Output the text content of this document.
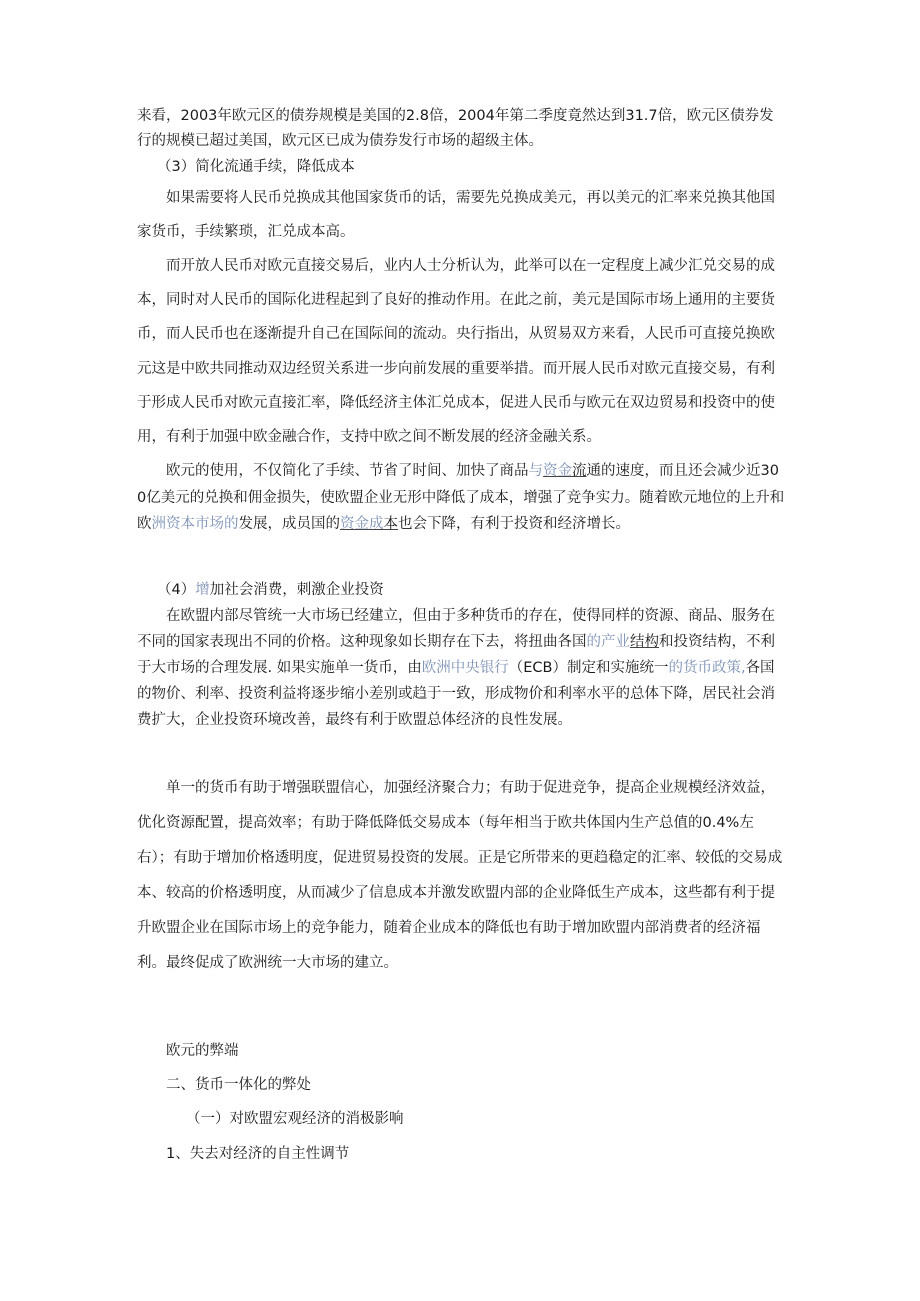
来看，2003年欧元区的债券规模是美国的2.8倍，2004年第二季度竟然达到31.7倍，欧元区债券发行的规模已超过美国，欧元区已成为债券发行市场的超级主体。

（3）简化流通手续，降低成本

如果需要将人民币兑换成其他国家货币的话，需要先兑换成美元，再以美元的汇率来兑换其他国家货币，手续繁琐，汇兑成本高。

而开放人民币对欧元直接交易后，业内人士分析认为，此举可以在一定程度上减少汇兑交易的成本，同时对人民币的国际化进程起到了良好的推动作用。在此之前，美元是国际市场上通用的主要货币，而人民币也在逐渐提升自己在国际间的流动。央行指出，从贸易双方来看，人民币可直接兑换欧元这是中欧共同推动双边经贸关系进一步向前发展的重要举措。而开展人民币对欧元直接交易，有利于形成人民币对欧元直接汇率，降低经济主体汇兑成本，促进人民币与欧元在双边贸易和投资中的使用，有利于加强中欧金融合作，支持中欧之间不断发展的经济金融关系。

欧元的使用，不仅简化了手续、节省了时间、加快了商品与资金流通的速度，而且还会减少近300亿美元的兑换和佣金损失，使欧盟企业无形中降低了成本，增强了竞争实力。随着欧元地位的上升和欧洲资本市场的发展，成员国的资金成本也会下降，有利于投资和经济增长。

（4）增加社会消费，刺激企业投资

在欧盟内部尽管统一大市场已经建立，但由于多种货币的存在，使得同样的资源、商品、服务在不同的国家表现出不同的价格。这种现象如长期存在下去，将扭曲各国的产业结构和投资结构，不利于大市场的合理发展. 如果实施单一货币，由欧洲中央银行（ECB）制定和实施统一的货币政策,各国的物价、利率、投资利益将逐步缩小差别或趋于一致，形成物价和利率水平的总体下降，居民社会消费扩大，企业投资环境改善，最终有利于欧盟总体经济的良性发展。

单一的货币有助于增强联盟信心，加强经济聚合力；有助于促进竞争，提高企业规模经济效益，优化资源配置，提高效率；有助于降低降低交易成本（每年相当于欧共体国内生产总值的0.4%左右）；有助于增加价格透明度，促进贸易投资的发展。正是它所带来的更趋稳定的汇率、较低的交易成本、较高的价格透明度，从而减少了信息成本并激发欧盟内部的企业降低生产成本，这些都有利于提升欧盟企业在国际市场上的竞争能力，随着企业成本的降低也有助于增加欧盟内部消费者的经济福利。最终促成了欧洲统一大市场的建立。

欧元的弊端

二、货币一体化的弊处

（一）对欧盟宏观经济的消极影响

1、失去对经济的自主性调节
